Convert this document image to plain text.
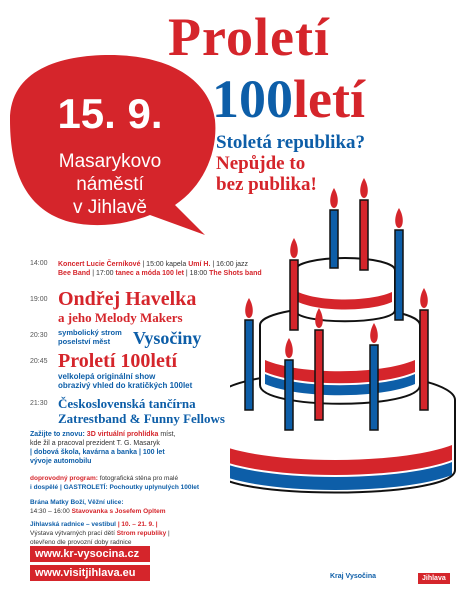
15. 9.
Masarykovo
náměstí
v Jihlavě
Proletí
100letí
Stoletá republika?
Nepůjde to
bez publika!
14:00 Koncert Lucie Černíkové | 15:00 kapela Umí H. | 16:00 jazz
Bee Band | 17:00 tanec a móda 100 let | 18:00 The Shots band
19:00 Ondřej Havelka
a jeho Melody Makers
20:30 symbolický strom
poselství měst	Vysočiny
20:45 Proletí 100letí
velkolepá originální show
obrazivý vhled do kratičkých 100let
21:30 Československá tančírna
Zatrestband & Funny Fellows
Zažijte to znovu: 3D virtuální prohlídka míst,
kde žil a pracoval prezident T. G. Masaryk
| dobová škola, kavárna a banka | 100 let
vývoje automobilu
doprovodný program: fotografická stěna pro malé
i dospělé | GASTROLETÍ: Pochoutky uplynulých 100let
Brána Matky Boží, Věžní ulice:
14:30 – 16:00 Stavovanka s Josefem Opltem
Jihlavská radnice – vestibul | 10. – 21. 9. |
Výstava výtvarných prací dětí Strom republiky |
otevřeno dle provozní doby radnice
www.kr-vysocina.cz
www.visitjihlava.eu	Kraj Vysočina	Jihlava
